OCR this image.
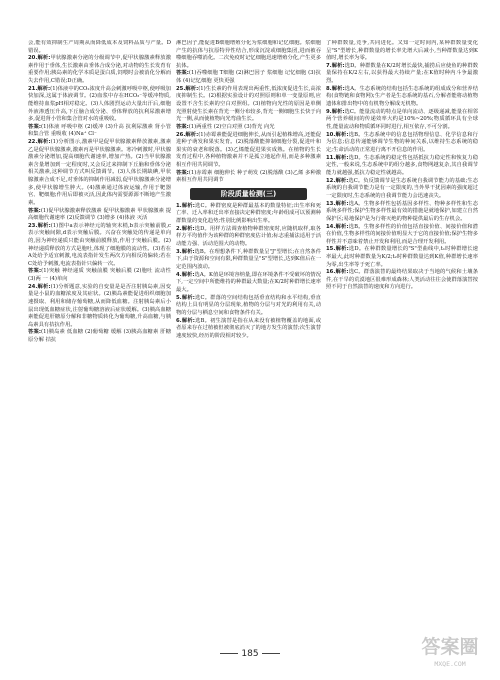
会,能有效抑制生产周期从而降低成本及饲料品质与产量。D错误。

20.解析:甲状腺激素分泌的分级调节中,促甲状腺激素释放激素作用于垂体,生长激素由垂体合成分泌,对动物的生长发育有重要作用;胰岛素的化学本质是蛋白质,饲喂时会被消化分解而失去作用,C错误;D正确。

21.解析:(1)体液中的CO₂浓度升高会刺激呼吸中枢,使呼吸加快加深,这属于体液调节。(2)血浆中存在HCO₃⁻等缓冲物质,能维持血浆pH相对稳定。(3)人体剧烈运动大量出汗后,细胞外液渗透压升高,下丘脑合成分泌、垂体释放的抗利尿激素增多,促进肾小管和集合管对水的重吸收。

答案:(1)体液 呼吸中枢 (2)缓冲 (3)升高 抗利尿激素 肾小管和集合管 重吸收 (4)Na⁺ Cl⁻

22.解析:(1)分析图示,激素甲是促甲状腺激素释放激素,激素乙是促甲状腺激素,激素丙是甲状腺激素。寒冷刺激时,甲状腺激素分泌增加,提高细胞代谢速率,增加产热。(2)当甲状腺激素含量增加到一定程度时,又会反过来抑制下丘脑和垂体分泌相关激素,这种调节方式叫反馈调节。(3)人体长期缺碘,甲状腺激素合成不足,对垂体的抑制作用减弱,促甲状腺激素分泌增多,使甲状腺增生肿大。(4)激素通过体液运输,作用于靶器官、靶细胞;作用后即被灭活,因此体内需要源源不断地产生激素。

答案:(1)促甲状腺激素释放激素 促甲状腺激素 甲状腺激素 提高细胞代谢速率 (2)反馈调节 (3)增多 (4)体液 灭活

23.解析:(1)图中a表示神经元的轴突末梢,b表示突触前膜,c表示突触间隙,d表示突触后膜。兴奋在突触处的传递是单向的,因为神经递质只能由突触前膜释放,作用于突触后膜。(2)神经递质释放的方式是胞吐,体现了细胞膜的流动性。(3)若在A处给予适宜刺激,电流表指针发生两次方向相反的偏转;若在C处给予刺激,电流表指针只偏转一次。

答案:(1)突触 神经递质 突触前膜 突触后膜 (2)胞吐 流动性 (3)两 一 (4)单向

24.解析:(1)分析题意,实验的自变量是是否注射胰岛素,因变量是小鼠的血糖浓度及其症状。(2)胰岛素能促进组织细胞加速摄取、利用和储存葡萄糖,从而降低血糖。注射胰岛素后小鼠出现低血糖症状,注射葡萄糖溶液后症状缓解。(3)胰高血糖素能促进肝糖原分解和非糖物质转化为葡萄糖,升高血糖,与胰岛素具有拮抗作用。

答案:(1)胰岛素 低血糖 (2)葡萄糖 缓解 (3)胰高血糖素 肝糖原分解 拮抗

淋巴因子,能促进B细胞增殖分化为浆细胞和记忆细胞。浆细胞产生的抗体与抗原特异性结合,形成沉淀或细胞集团,进而被吞噬细胞吞噬消化。二次免疫时记忆细胞迅速增殖分化,产生更多抗体。

答案:(1)吞噬细胞 T细胞 (2)淋巴因子 浆细胞 记忆细胞 (3)抗体 (4)记忆细胞 更快更强

25.解析:(1)生长素的作用表现出两重性,低浓度促进生长,高浓度抑制生长。(2)根据实验设计的对照原则和单一变量原则,应设置不含生长素的空白对照组。(3)植物向光性的原因是单侧光照射使生长素在背光一侧分布较多,背光一侧细胞生长快于向光一侧,从而使植物向光弯曲生长。

答案:(1)两重性 (2)空白对照 (3)背光 向光

26.解析:(1)赤霉素能促进细胞伸长,从而引起植株增高,还能促进种子萌发和果实发育。(2)脱落酸能抑制细胞分裂,促进叶和果实的衰老和脱落。(3)乙烯能促进果实成熟。在植物的生长发育过程中,各种植物激素并不是孤立地起作用,而是多种激素相互作用共同调节。

答案:(1)赤霉素 细胞伸长 种子萌发 (2)脱落酸 (3)乙烯 多种激素相互作用共同调节

阶段质量检测(三)

1.解析:选C。种群密度是种群最基本的数量特征;出生率和死亡率、迁入率和迁出率直接决定种群密度;年龄组成可以预测种群数量的变化趋势;性别比例影响出生率。

2.解析:选D。用样方法调查植物种群密度时,应随机取样,取各样方平均值作为该种群的种群密度估计值;标志重捕法适用于活动能力强、活动范围大的动物。

3.解析:选B。在理想条件下,种群数量呈"J"型增长;在自然条件下,由于资源和空间有限,种群数量呈"S"型增长,达到K值后在一定范围内波动。

4.解析:选A。K值是环境容纳量,即在环境条件不受破坏的情况下,一定空间中所能维持的种群最大数量;在K/2时种群增长速率最大。

5.解析:选C。群落的空间结构包括垂直结构和水平结构,垂直结构上具有明显的分层现象,植物的分层与对光的利用有关,动物的分层与栖息空间和食物条件有关。

6.解析:选B。初生演替是指在从来没有被植物覆盖的地面,或者原来存在过植被但被彻底消灭了的地方发生的演替;次生演替速度较快,经历的阶段相对较少。

了种群数量,竞争,共同进化。又知一定时间内,某种群数量变化呈"S"型增长,种群数量的增长率先增大后减小,当种群数量达到K值时,增长率为零。

7.解析:选D。种群数量在K/2时增长最快,捕捞后应使鱼的种群数量保持在K/2左右,以获得最大持续产量;在K值时种内斗争最激烈。

8.解析:选A。生态系统的结构包括生态系统的组成成分和营养结构(食物链和食物网);生产者是生态系统的基石,分解者能将动植物遗体和排出物中的有机物分解成无机物。

9.解析:选C。能量流动的特点是单向流动、逐级递减,能量在相邻两个营养级间的传递效率大约是10%~20%;物质循环具有全球性,能量流动和物质循环同时进行,相互依存,不可分割。

10.解析:选B。生态系统中的信息包括物理信息、化学信息和行为信息;信息传递能够调节生物的种间关系,以维持生态系统的稳定;生命活动的正常进行离不开信息的作用。

11.解析:选D。生态系统的稳定性包括抵抗力稳定性和恢复力稳定性,一般来说,生态系统中的组分越多,食物网越复杂,其自我调节能力就越强,抵抗力稳定性就越高。

12.解析:选C。负反馈调节是生态系统自我调节能力的基础;生态系统的自我调节能力是有一定限度的,当外界干扰因素的强度超过一定限度时,生态系统的自我调节能力会迅速丧失。

13.解析:选A。生物多样性包括基因多样性、物种多样性和生态系统多样性;保护生物多样性最有效的措施是就地保护,如建立自然保护区;易地保护是为行将灭绝的物种提供最后的生存机会。

14.解析:选B。生物多样性的价值包括直接价值、间接价值和潜在价值,生物多样性的间接价值明显大于它的直接价值;保护生物多样性并不意味着禁止开发和利用,而是合理开发利用。

15.解析:选D。在种群数量增长的"S"型曲线中,t₁时种群增长速率最大,此时种群数量为K/2;t₂时种群数量达到K值,种群增长速率为零,出生率等于死亡率。

16.解析:选C。群落演替的最终结果取决于当地的气候和土壤条件,在干旱的荒漠地区很难形成森林;人类活动往往会使群落演替按照不同于自然演替的速度和方向进行。

185	答案圈
MXQE.COM
